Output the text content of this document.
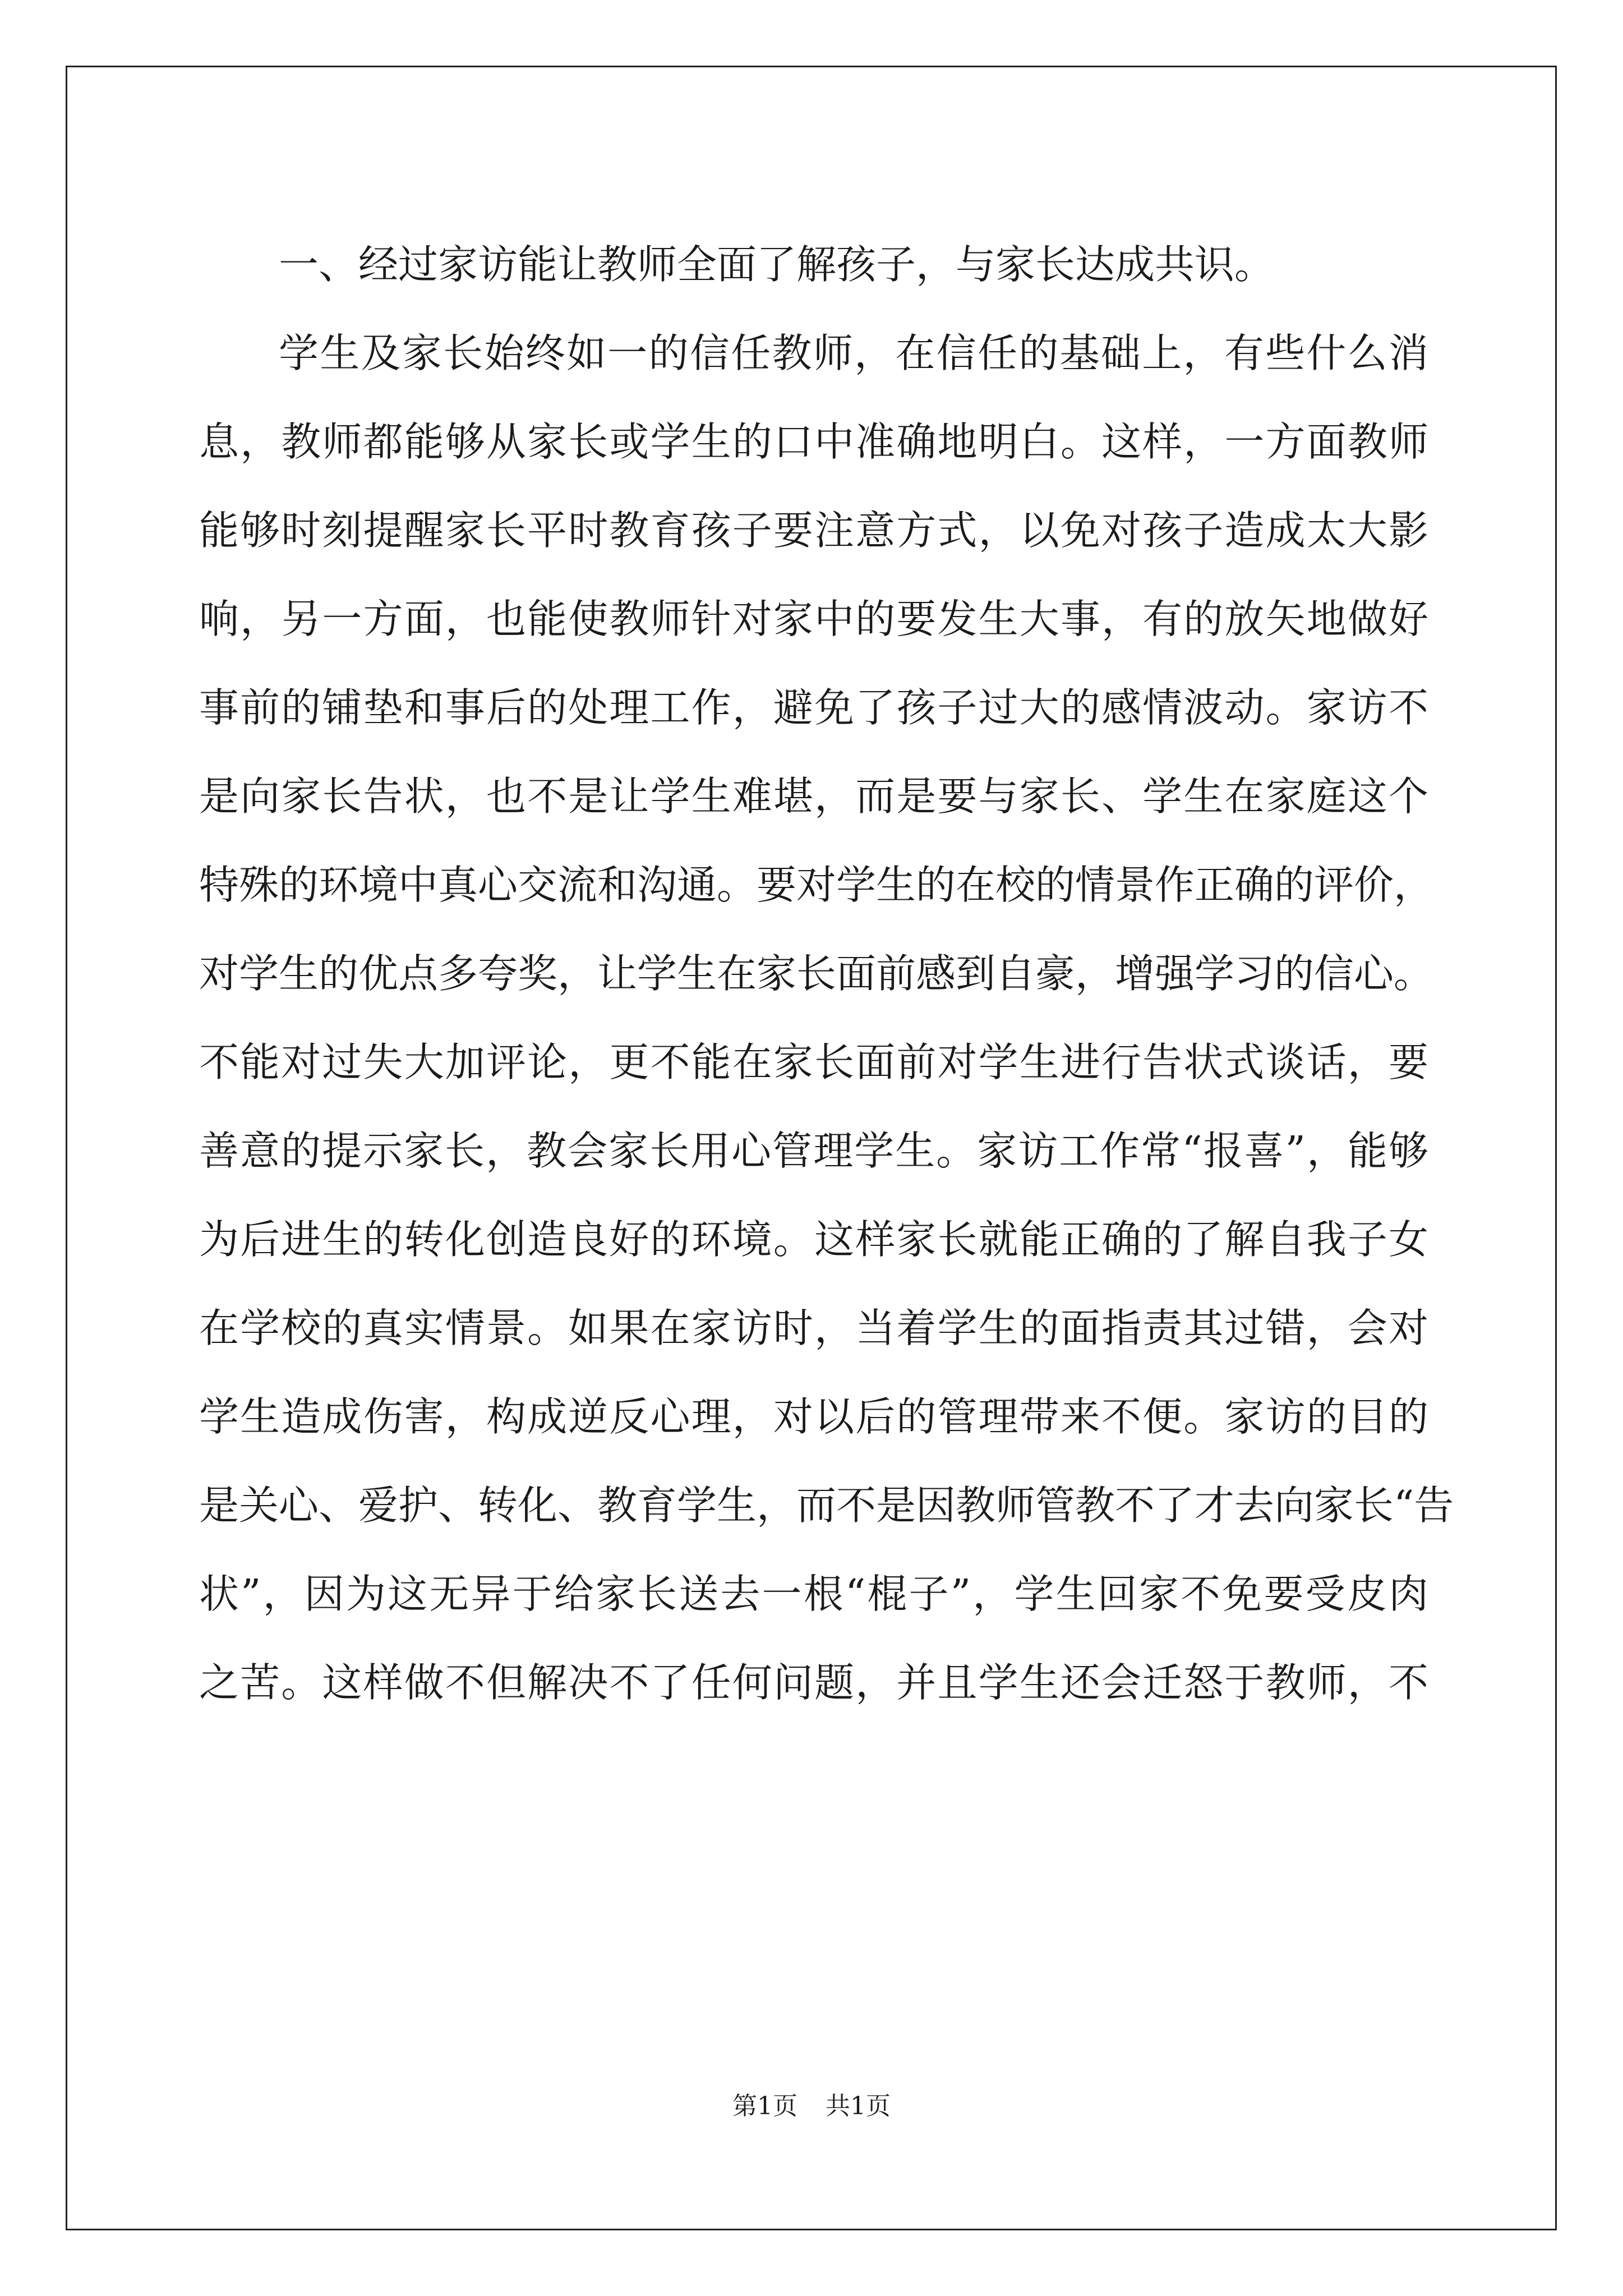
一、经过家访能让教师全面了解孩子，与家长达成共识。
学生及家长始终如一的信任教师，在信任的基础上，有些什么消
息，教师都能够从家长或学生的口中准确地明白。这样，一方面教师
能够时刻提醒家长平时教育孩子要注意方式，以免对孩子造成太大影
响，另一方面，也能使教师针对家中的要发生大事，有的放矢地做好
事前的铺垫和事后的处理工作，避免了孩子过大的感情波动。家访不
是向家长告状，也不是让学生难堪，而是要与家长、学生在家庭这个
特殊的环境中真心交流和沟通。要对学生的在校的情景作正确的评价，
对学生的优点多夸奖，让学生在家长面前感到自豪，增强学习的信心。
不能对过失大加评论，更不能在家长面前对学生进行告状式谈话，要
善意的提示家长，教会家长用心管理学生。家访工作常“报喜”，能够
为后进生的转化创造良好的环境。这样家长就能正确的了解自我子女
在学校的真实情景。如果在家访时，当着学生的面指责其过错，会对
学生造成伤害，构成逆反心理，对以后的管理带来不便。家访的目的
是关心、爱护、转化、教育学生，而不是因教师管教不了才去向家长“告
状”，因为这无异于给家长送去一根“棍子”，学生回家不免要受皮肉
之苦。这样做不但解决不了任何问题，并且学生还会迁怒于教师，不
第1页 共1页
